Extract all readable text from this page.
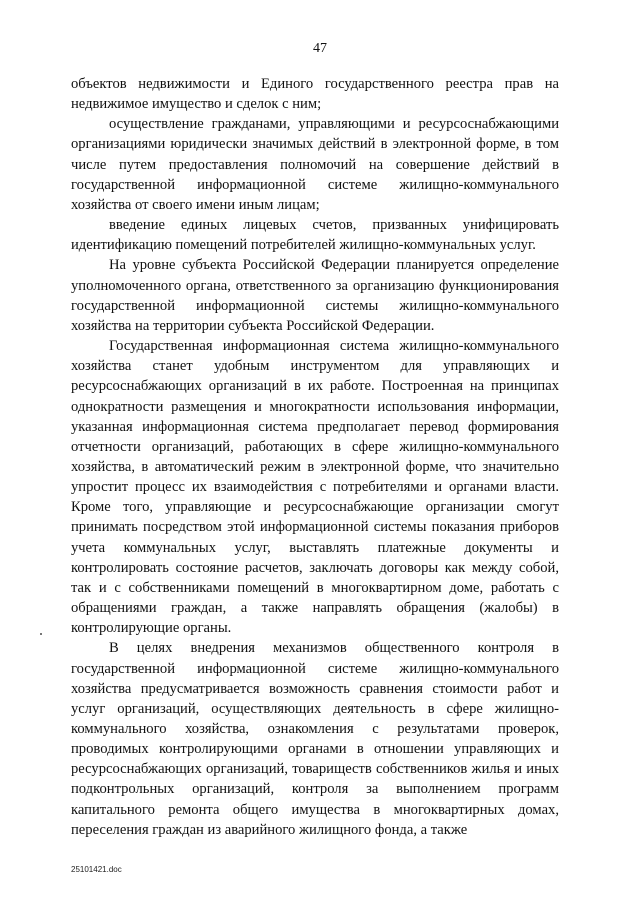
47

объектов недвижимости и Единого государственного реестра прав на недвижимое имущество и сделок с ним;

осуществление гражданами, управляющими и ресурсоснабжающими организациями юридически значимых действий в электронной форме, в том числе путем предоставления полномочий на совершение действий в государственной информационной системе жилищно-коммунального хозяйства от своего имени иным лицам;

введение единых лицевых счетов, призванных унифицировать идентификацию помещений потребителей жилищно-коммунальных услуг.

На уровне субъекта Российской Федерации планируется определение уполномоченного органа, ответственного за организацию функционирования государственной информационной системы жилищно-коммунального хозяйства на территории субъекта Российской Федерации.

Государственная информационная система жилищно-коммунального хозяйства станет удобным инструментом для управляющих и ресурсоснабжающих организаций в их работе. Построенная на принципах однократности размещения и многократности использования информации, указанная информационная система предполагает перевод формирования отчетности организаций, работающих в сфере жилищно-коммунального хозяйства, в автоматический режим в электронной форме, что значительно упростит процесс их взаимодействия с потребителями и органами власти. Кроме того, управляющие и ресурсоснабжающие организации смогут принимать посредством этой информационной системы показания приборов учета коммунальных услуг, выставлять платежные документы и контролировать состояние расчетов, заключать договоры как между собой, так и с собственниками помещений в многоквартирном доме, работать с обращениями граждан, а также направлять обращения (жалобы) в контролирующие органы.

В целях внедрения механизмов общественного контроля в государственной информационной системе жилищно-коммунального хозяйства предусматривается возможность сравнения стоимости работ и услуг организаций, осуществляющих деятельность в сфере жилищно-коммунального хозяйства, ознакомления с результатами проверок, проводимых контролирующими органами в отношении управляющих и ресурсоснабжающих организаций, товариществ собственников жилья и иных подконтрольных организаций, контроля за выполнением программ капитального ремонта общего имущества в многоквартирных домах, переселения граждан из аварийного жилищного фонда, а также

25101421.doc
